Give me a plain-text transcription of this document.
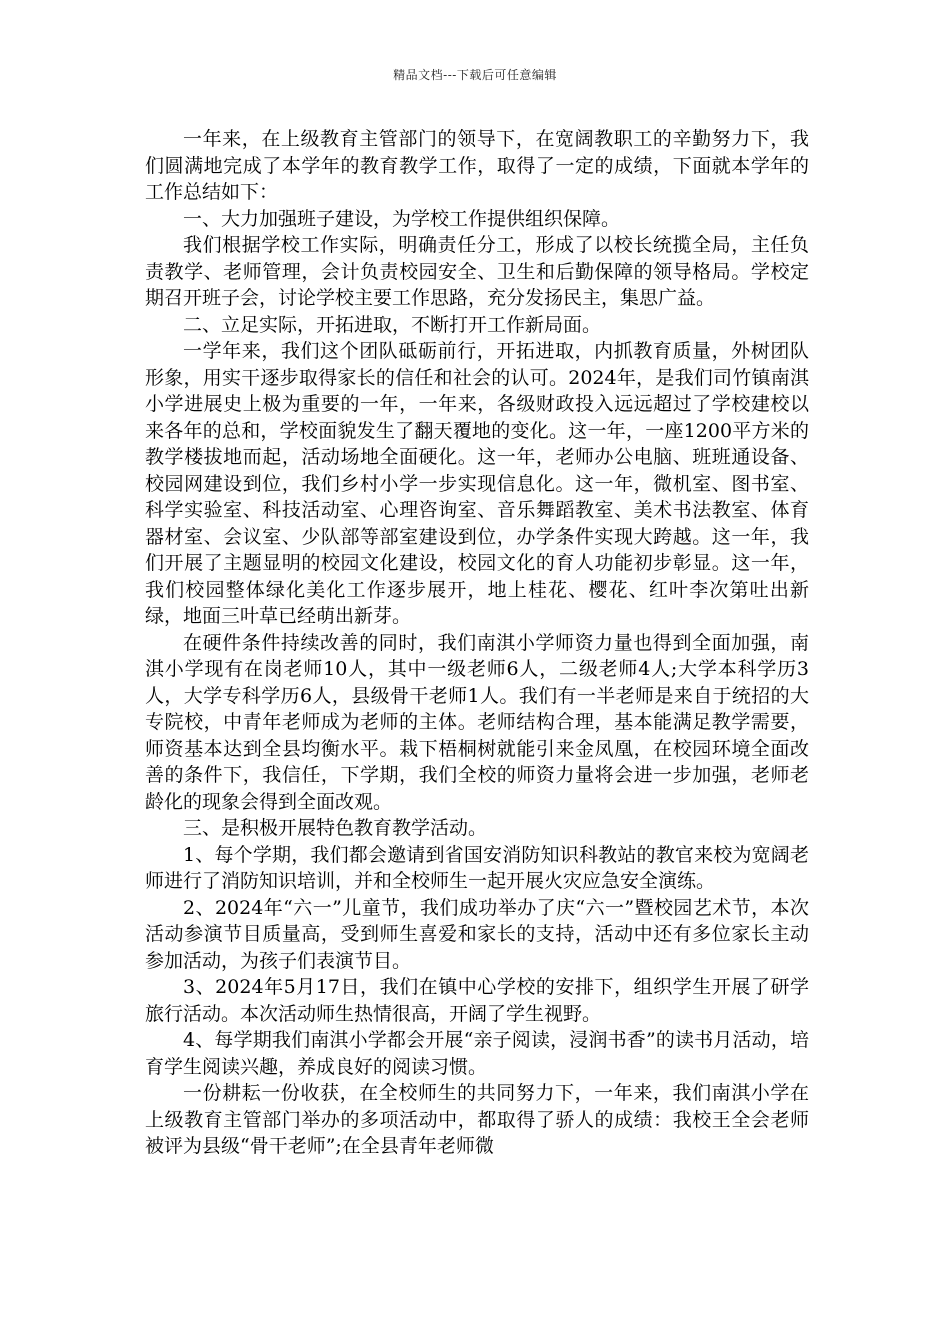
精品文档---下载后可任意编辑

一年来，在上级教育主管部门的领导下，在宽阔教职工的辛勤努力下，我们圆满地完成了本学年的教育教学工作，取得了一定的成绩，下面就本学年的工作总结如下：

一、大力加强班子建设，为学校工作提供组织保障。

我们根据学校工作实际，明确责任分工，形成了以校长统揽全局，主任负责教学、老师管理，会计负责校园安全、卫生和后勤保障的领导格局。学校定期召开班子会，讨论学校主要工作思路，充分发扬民主，集思广益。

二、立足实际，开拓进取，不断打开工作新局面。

一学年来，我们这个团队砥砺前行，开拓进取，内抓教育质量，外树团队形象，用实干逐步取得家长的信任和社会的认可。2024年，是我们司竹镇南淇小学进展史上极为重要的一年，一年来，各级财政投入远远超过了学校建校以来各年的总和，学校面貌发生了翻天覆地的变化。这一年，一座1200平方米的教学楼拔地而起，活动场地全面硬化。这一年，老师办公电脑、班班通设备、校园网建设到位，我们乡村小学一步实现信息化。这一年，微机室、图书室、科学实验室、科技活动室、心理咨询室、音乐舞蹈教室、美术书法教室、体育器材室、会议室、少队部等部室建设到位，办学条件实现大跨越。这一年，我们开展了主题显明的校园文化建设，校园文化的育人功能初步彰显。这一年，我们校园整体绿化美化工作逐步展开，地上桂花、樱花、红叶李次第吐出新绿，地面三叶草已经萌出新芽。

在硬件条件持续改善的同时，我们南淇小学师资力量也得到全面加强，南淇小学现有在岗老师10人，其中一级老师6人，二级老师4人;大学本科学历3人，大学专科学历6人，县级骨干老师1人。我们有一半老师是来自于统招的大专院校，中青年老师成为老师的主体。老师结构合理，基本能满足教学需要，师资基本达到全县均衡水平。栽下梧桐树就能引来金凤凰，在校园环境全面改善的条件下，我信任，下学期，我们全校的师资力量将会进一步加强，老师老龄化的现象会得到全面改观。

三、是积极开展特色教育教学活动。

1、每个学期，我们都会邀请到省国安消防知识科教站的教官来校为宽阔老师进行了消防知识培训，并和全校师生一起开展火灾应急安全演练。

2、2024年“六一”儿童节，我们成功举办了庆“六一”暨校园艺术节，本次活动参演节目质量高，受到师生喜爱和家长的支持，活动中还有多位家长主动参加活动，为孩子们表演节目。

3、2024年5月17日，我们在镇中心学校的安排下，组织学生开展了研学旅行活动。本次活动师生热情很高，开阔了学生视野。

4、每学期我们南淇小学都会开展“亲子阅读，浸润书香”的读书月活动，培育学生阅读兴趣，养成良好的阅读习惯。

一份耕耘一份收获，在全校师生的共同努力下，一年来，我们南淇小学在上级教育主管部门举办的多项活动中，都取得了骄人的成绩：我校王全会老师被评为县级“骨干老师”;在全县青年老师微
